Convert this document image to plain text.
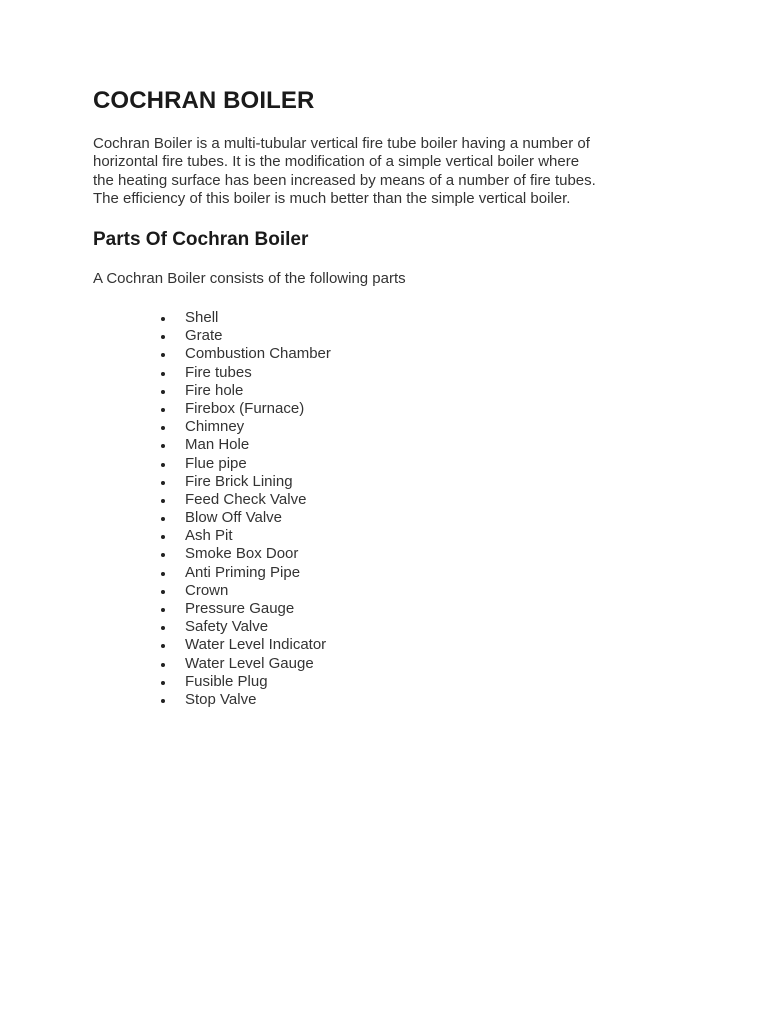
COCHRAN BOILER

Cochran Boiler is a multi-tubular vertical fire tube boiler having a number of
horizontal fire tubes. It is the modification of a simple vertical boiler where
the heating surface has been increased by means of a number of fire tubes.
The efficiency of this boiler is much better than the simple vertical boiler.

Parts Of Cochran Boiler

A Cochran Boiler consists of the following parts

Shell
Grate
Combustion Chamber
Fire tubes
Fire hole
Firebox (Furnace)
Chimney
Man Hole
Flue pipe
Fire Brick Lining
Feed Check Valve
Blow Off Valve
Ash Pit
Smoke Box Door
Anti Priming Pipe
Crown
Pressure Gauge
Safety Valve
Water Level Indicator
Water Level Gauge
Fusible Plug
Stop Valve
